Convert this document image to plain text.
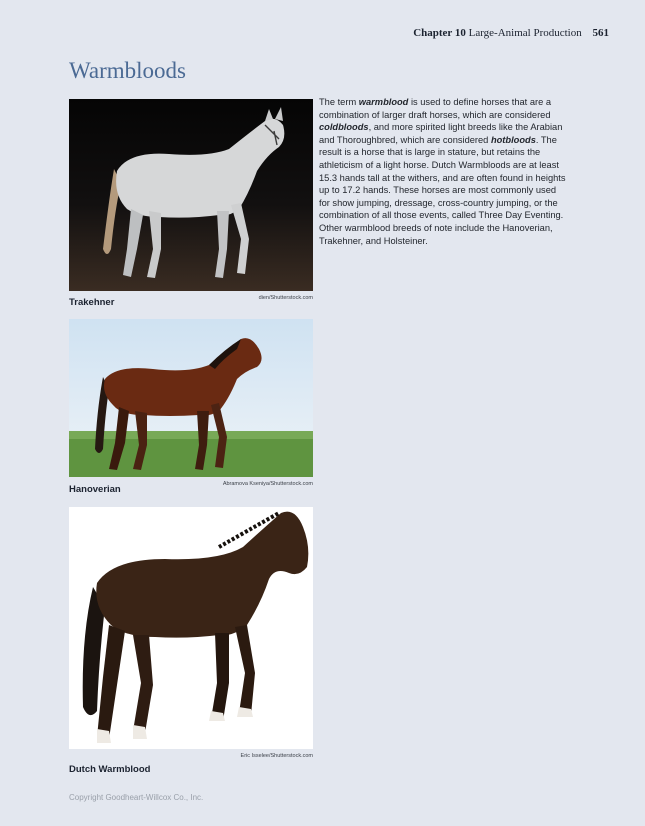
Chapter 10 Large-Animal Production 561
Warmbloods
dien/Shutterstock.com
Trakehner
Abramova Kseniya/Shutterstock.com
Hanoverian
Eric Isselee/Shutterstock.com
Dutch Warmblood

The term warmblood is used to define horses that are a combination of larger draft horses, which are considered coldbloods, and more spirited light breeds like the Arabian and Thoroughbred, which are considered hotbloods. The result is a horse that is large in stature, but retains the athleticism of a light horse. Dutch Warmbloods are at least 15.3 hands tall at the withers, and are often found in heights up to 17.2 hands. These horses are most commonly used for show jumping, dressage, cross-country jumping, or the combination of all those events, called Three Day Eventing. Other warmblood breeds of note include the Hanoverian, Trakehner, and Holsteiner.

Copyright Goodheart-Willcox Co., Inc.
